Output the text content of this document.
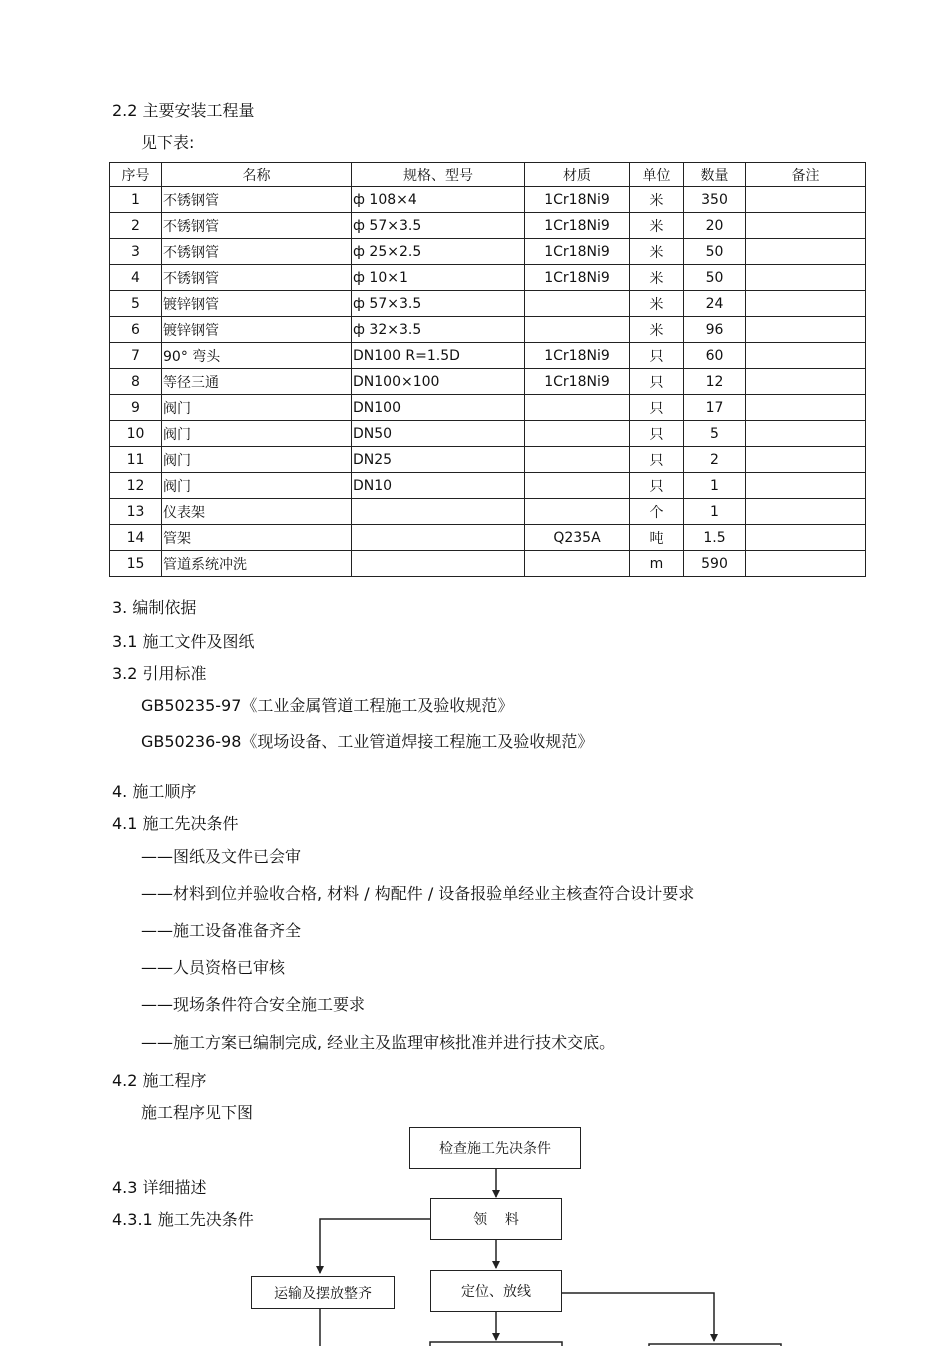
2.2 主要安装工程量
见下表:
序号	名称	规格、型号	材质	单位	数量	备注
1	不锈钢管	ф 108×4	1Cr18Ni9	米	350	
2	不锈钢管	ф 57×3.5	1Cr18Ni9	米	20	
3	不锈钢管	ф 25×2.5	1Cr18Ni9	米	50	
4	不锈钢管	ф 10×1	1Cr18Ni9	米	50	
5	镀锌钢管	ф 57×3.5		米	24	
6	镀锌钢管	ф 32×3.5		米	96	
7	90° 弯头	DN100 R=1.5D	1Cr18Ni9	只	60	
8	等径三通	DN100×100	1Cr18Ni9	只	12	
9	阀门	DN100		只	17	
10	阀门	DN50		只	5	
11	阀门	DN25		只	2	
12	阀门	DN10		只	1	
13	仪表架			个	1	
14	管架		Q235A	吨	1.5	
15	管道系统冲洗			m	590	
3. 编制依据
3.1 施工文件及图纸
3.2 引用标准
GB50235-97《工业金属管道工程施工及验收规范》
GB50236-98《现场设备、工业管道焊接工程施工及验收规范》
4. 施工顺序
4.1 施工先决条件
——图纸及文件已会审
——材料到位并验收合格, 材料 / 构配件 / 设备报验单经业主核查符合设计要求
——施工设备准备齐全
——人员资格已审核
——现场条件符合安全施工要求
——施工方案已编制完成, 经业主及监理审核批准并进行技术交底。
4.2 施工程序
施工程序见下图
4.3 详细描述
4.3.1 施工先决条件
检查施工先决条件
领    料
定位、放线
运输及摆放整齐
